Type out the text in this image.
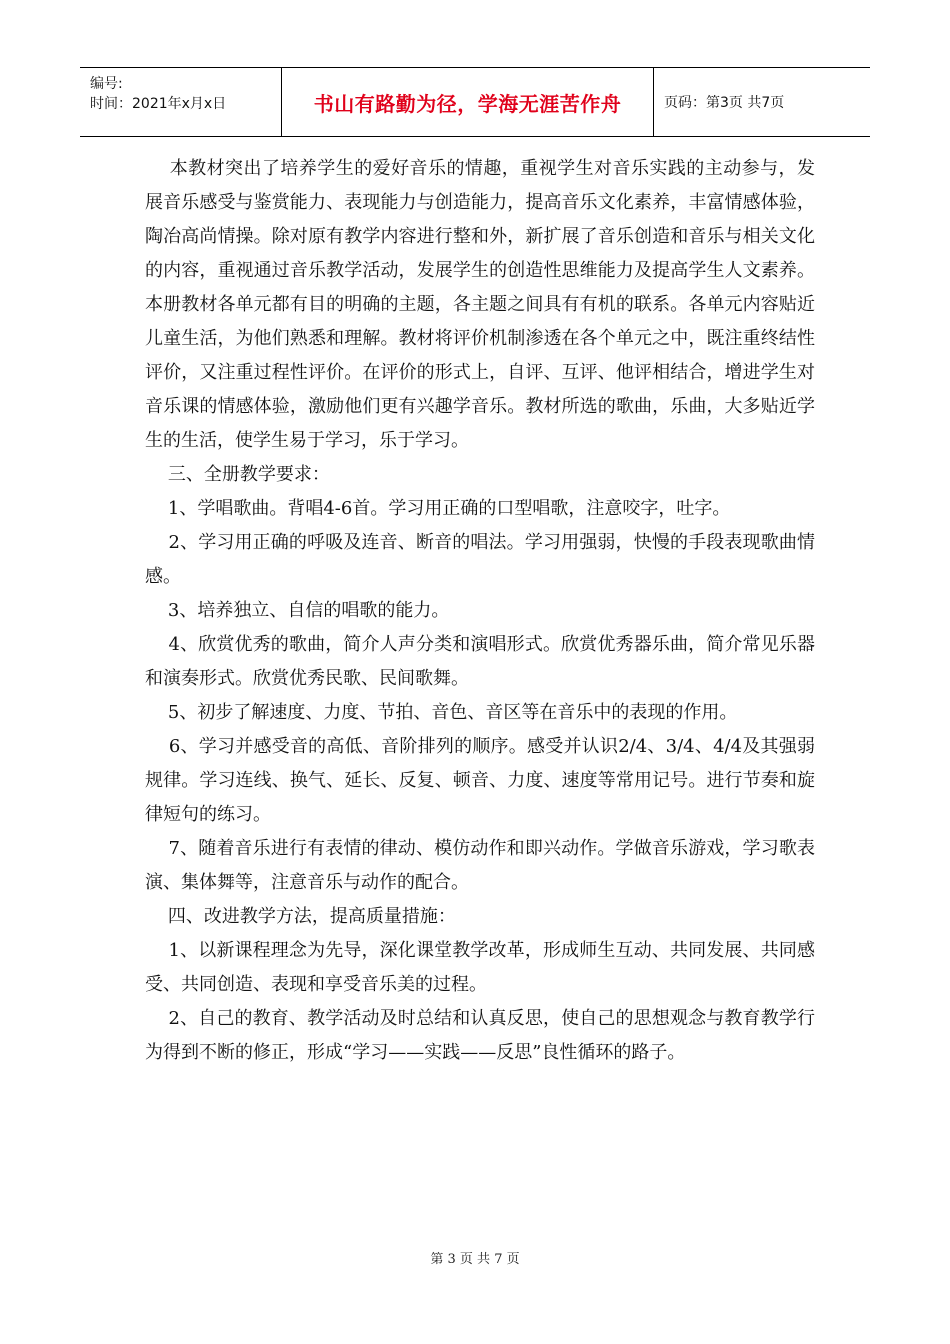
编号:
时间：2021年x月x日	书山有路勤为径，学海无涯苦作舟	页码：第3页 共7页

本教材突出了培养学生的爱好音乐的情趣，重视学生对音乐实践的主动参与，发展音乐感受与鉴赏能力、表现能力与创造能力，提高音乐文化素养，丰富情感体验，陶冶高尚情操。除对原有教学内容进行整和外，新扩展了音乐创造和音乐与相关文化的内容，重视通过音乐教学活动，发展学生的创造性思维能力及提高学生人文素养。本册教材各单元都有目的明确的主题，各主题之间具有有机的联系。各单元内容贴近儿童生活，为他们熟悉和理解。教材将评价机制渗透在各个单元之中，既注重终结性评价，又注重过程性评价。在评价的形式上，自评、互评、他评相结合，增进学生对音乐课的情感体验，激励他们更有兴趣学音乐。教材所选的歌曲，乐曲，大多贴近学生的生活，使学生易于学习，乐于学习。

三、全册教学要求：

1、学唱歌曲。背唱4-6首。学习用正确的口型唱歌，注意咬字，吐字。

2、学习用正确的呼吸及连音、断音的唱法。学习用强弱，快慢的手段表现歌曲情感。

3、培养独立、自信的唱歌的能力。

4、欣赏优秀的歌曲，简介人声分类和演唱形式。欣赏优秀器乐曲，简介常见乐器和演奏形式。欣赏优秀民歌、民间歌舞。

5、初步了解速度、力度、节拍、音色、音区等在音乐中的表现的作用。

6、学习并感受音的高低、音阶排列的顺序。感受并认识2/4、3/4、4/4及其强弱规律。学习连线、换气、延长、反复、顿音、力度、速度等常用记号。进行节奏和旋律短句的练习。

7、随着音乐进行有表情的律动、模仿动作和即兴动作。学做音乐游戏，学习歌表演、集体舞等，注意音乐与动作的配合。

四、改进教学方法，提高质量措施：

1、以新课程理念为先导，深化课堂教学改革，形成师生互动、共同发展、共同感受、共同创造、表现和享受音乐美的过程。

2、自己的教育、教学活动及时总结和认真反思，使自己的思想观念与教育教学行为得到不断的修正，形成“学习——实践——反思”良性循环的路子。

第 3 页 共 7 页
